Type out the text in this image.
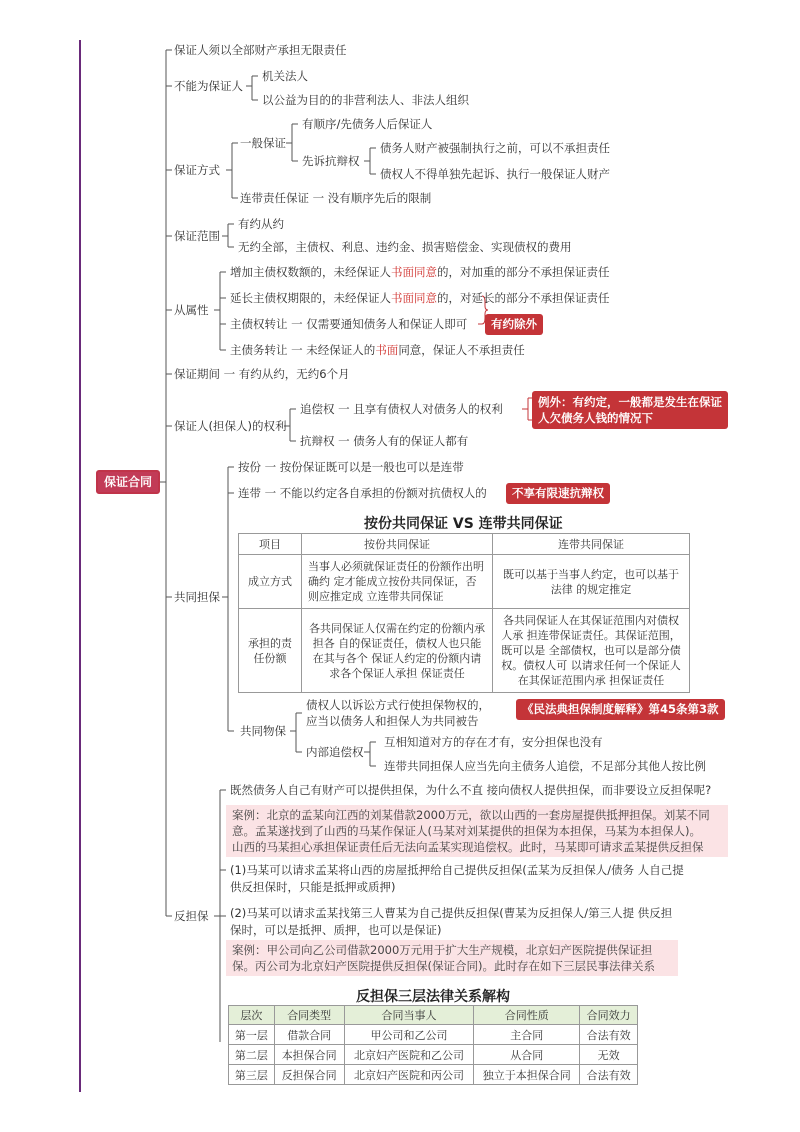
保证合同
保证人须以全部财产承担无限责任
不能为保证人
机关法人
以公益为目的的非营利法人、非法人组织
保证方式
一般保证
有顺序/先债务人后保证人
先诉抗辩权
债务人财产被强制执行之前，可以不承担责任
债权人不得单独先起诉、执行一般保证人财产
连带责任保证 一 没有顺序先后的限制
保证范围
有约从约
无约全部，主债权、利息、违约金、损害赔偿金、实现债权的费用
从属性
增加主债权数额的，未经保证人书面同意的，对加重的部分不承担保证责任
延长主债权期限的，未经保证人书面同意的，对延长的部分不承担保证责任
主债权转让 一 仅需要通知债务人和保证人即可	有约除外
主债务转让 一 未经保证人的书面同意，保证人不承担责任
保证期间 一 有约从约，无约6个月
保证人(担保人)的权利
追偿权 一 且享有债权人对债务人的权利
抗辩权 一 债务人有的保证人都有
例外：有约定，一般都是发生在保证
人欠债务人钱的情况下
共同担保
按份 一 按份保证既可以是一般也可以是连带
连带 一 不能以约定各自承担的份额对抗债权人的	不享有限速抗辩权
按份共同保证 VS 连带共同保证
项目	按份共同保证	连带共同保证
成立方式	当事人必须就保证责任的份额作出明确约 定才能成立按份共同保证，否则应推定成 立连带共同保证	既可以基于当事人约定，也可以基于法律 的规定推定
承担的责任份额	各共同保证人仅需在约定的份额内承担各 自的保证责任，债权人也只能在其与各个 保证人约定的份额内请求各个保证人承担 保证责任	各共同保证人在其保证范围内对债权人承 担连带保证责任。其保证范围，既可以是 全部债权，也可以是部分债权。债权人可 以请求任何一个保证人在其保证范围内承 担保证责任
共同物保
债权人以诉讼方式行使担保物权的，
应当以债务人和担保人为共同被告
《民法典担保制度解释》第45条第3款
内部追偿权
互相知道对方的存在才有，安分担保也没有
连带共同担保人应当先向主债务人追偿，不足部分其他人按比例
反担保
既然债务人自己有财产可以提供担保，为什么不直 接向债权人提供担保，而非要设立反担保呢?
案例：北京的孟某向江西的刘某借款2000万元，欲以山西的一套房屋提供抵押担保。刘某不同
意。孟某遂找到了山西的马某作保证人(马某对刘某提供的担保为本担保，马某为本担保人)。
山西的马某担心承担保证责任后无法向孟某实现追偿权。此时，马某即可请求孟某提供反担保
(1)马某可以请求孟某将山西的房屋抵押给自己提供反担保(孟某为反担保人/债务 人自己提
供反担保时，只能是抵押或质押)
(2)马某可以请求孟某找第三人曹某为自己提供反担保(曹某为反担保人/第三人提 供反担
保时，可以是抵押、质押，也可以是保证)
案例：甲公司向乙公司借款2000万元用于扩大生产规模，北京妇产医院提供保证担
保。丙公司为北京妇产医院提供反担保(保证合同)。此时存在如下三层民事法律关系
反担保三层法律关系解构
层次	合同类型	合同当事人	合同性质	合同效力
第一层	借款合同	甲公司和乙公司	主合同	合法有效
第二层	本担保合同	北京妇产医院和乙公司	从合同	无效
第三层	反担保合同	北京妇产医院和丙公司	独立于本担保合同	合法有效
